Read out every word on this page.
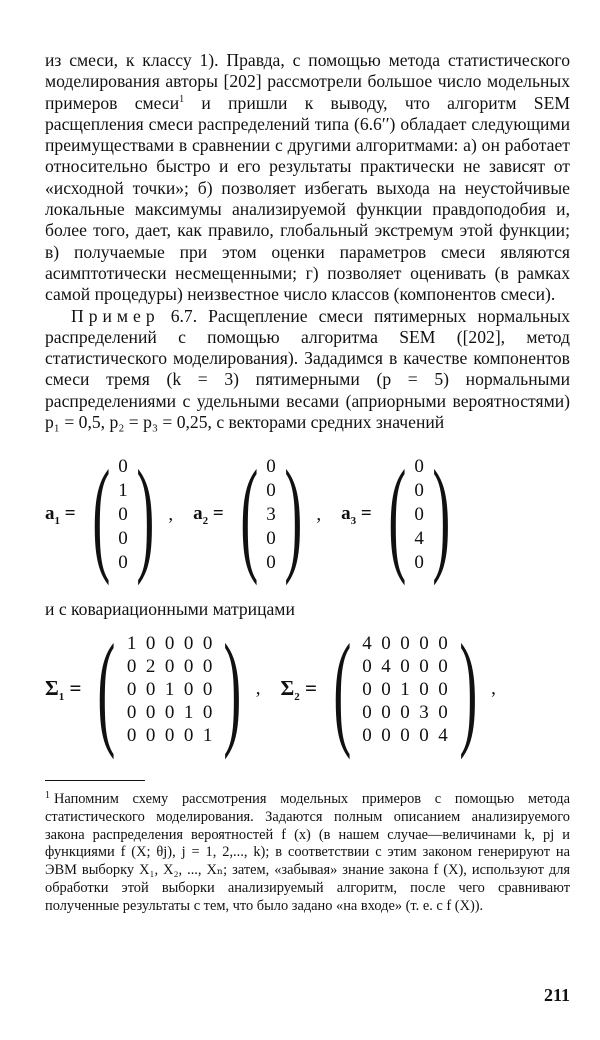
из смеси, к классу 1). Правда, с помощью метода статистического моделирования авторы [202] рассмотрели большое число модельных примеров смеси$^1$ и пришли к выводу, что алгоритм SEM расщепления смеси распределений типа (6.6′′) обладает следующими преимуществами в сравнении с другими алгоритмами: а) он работает относительно быстро и его результаты практически не зависят от «исходной точки»; б) позволяет избегать выхода на неустойчивые локальные максимумы анализируемой функции правдоподобия и, более того, дает, как правило, глобальный экстремум этой функции; в) получаемые при этом оценки параметров смеси являются асимптотически несмещенными; г) позволяет оценивать (в рамках самой процедуры) неизвестное число классов (компонентов смеси).

Пример 6.7. Расщепление смеси пятимерных нормальных распределений с помощью алгоритма SEM ([202], метод статистического моделирования). Зададимся в качестве компонентов смеси тремя (k = 3) пятимерными (p = 5) нормальными распределениями с удельными весами (априорными вероятностями) p₁ = 0,5, p₂ = p₃ = 0,25, с векторами средних значений

$a_1$ = ( 0
1
0
0
0 ) , $a_2$ = ( 0
0
3
0
0 ) , $a_3$ = ( 0
0
0
4
0 )

и с ковариационными матрицами

$\Sigma_1$ = ( 1 0 0 0 0
0 2 0 0 0
0 0 1 0 0
0 0 0 1 0
0 0 0 0 1 ) , $\Sigma_2$ = ( 4 0 0 0 0
0 4 0 0 0
0 0 1 0 0
0 0 0 3 0
0 0 0 0 4 ) ,

$^1$ Напомним схему рассмотрения модельных примеров с помощью метода статистического моделирования. Задаются полным описанием анализируемого закона распределения вероятностей f (x) (в нашем случае—величинами k, pj и функциями f (X; θj), j = 1, 2,..., k); в соответствии с этим законом генерируют на ЭВМ выборку X₁, X₂, ..., Xₙ; затем, «забывая» знание закона f (X), используют для обработки этой выборки анализируемый алгоритм, после чего сравнивают полученные результаты с тем, что было задано «на входе» (т. е. с f (X)).

211
